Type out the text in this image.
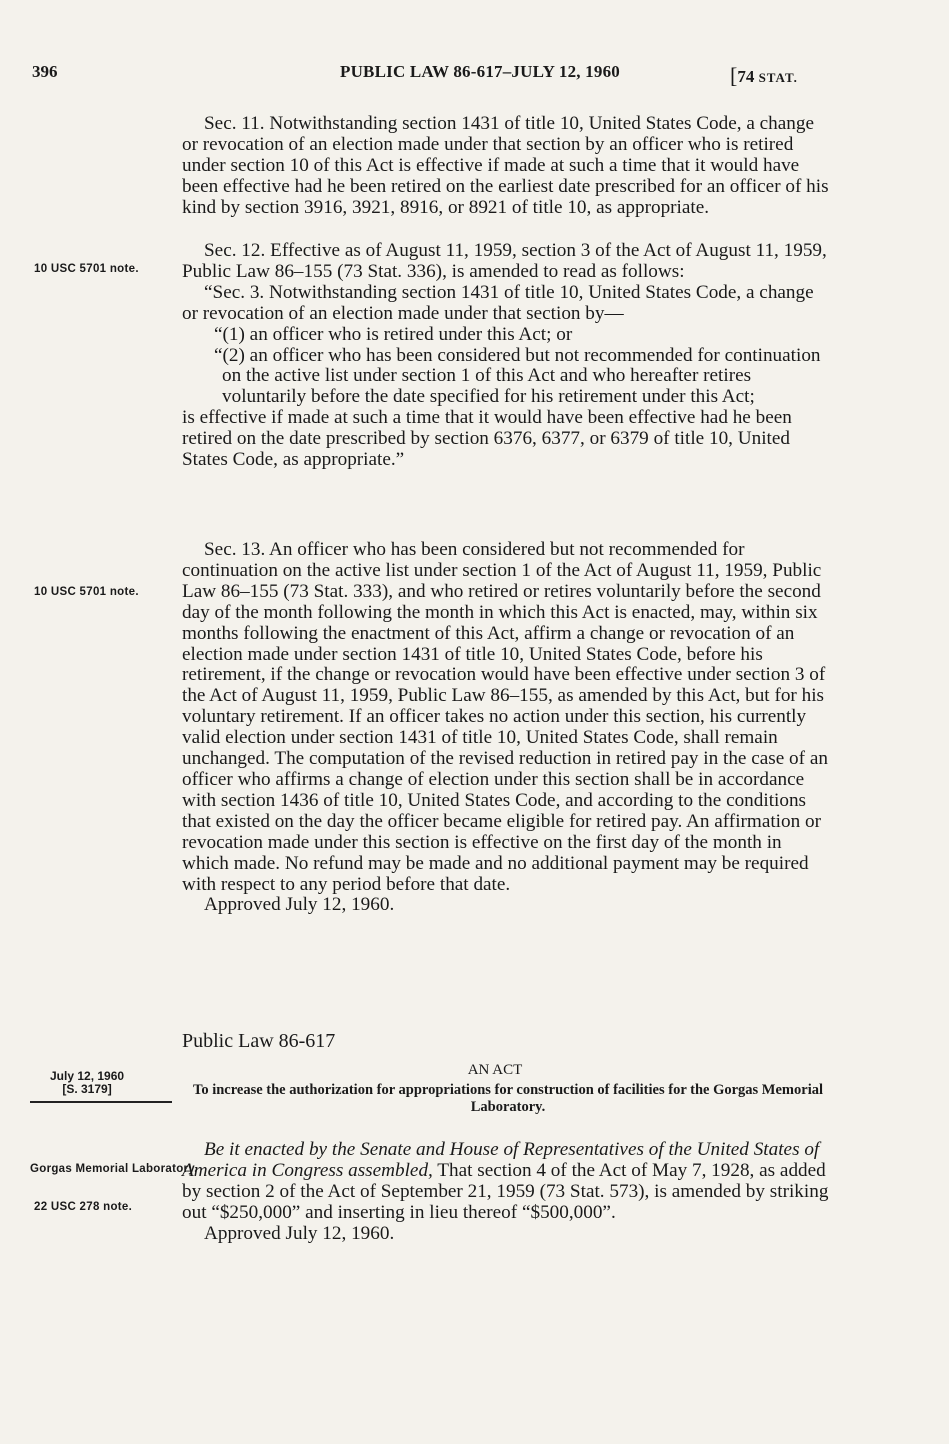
396	PUBLIC LAW 86-617–JULY 12, 1960	[74 STAT.

Sec. 11. Notwithstanding section 1431 of title 10, United States Code, a change or revocation of an election made under that section by an officer who is retired under section 10 of this Act is effective if made at such a time that it would have been effective had he been retired on the earliest date prescribed for an officer of his kind by section 3916, 3921, 8916, or 8921 of title 10, as appropriate.

10 USC 5701 note.

Sec. 12. Effective as of August 11, 1959, section 3 of the Act of August 11, 1959, Public Law 86–155 (73 Stat. 336), is amended to read as follows:

“Sec. 3. Notwithstanding section 1431 of title 10, United States Code, a change or revocation of an election made under that section by—

“(1) an officer who is retired under this Act; or

“(2) an officer who has been considered but not recommended for continuation on the active list under section 1 of this Act and who hereafter retires voluntarily before the date specified for his retirement under this Act;

is effective if made at such a time that it would have been effective had he been retired on the date prescribed by section 6376, 6377, or 6379 of title 10, United States Code, as appropriate.”

10 USC 5701 note.

Sec. 13. An officer who has been considered but not recommended for continuation on the active list under section 1 of the Act of August 11, 1959, Public Law 86–155 (73 Stat. 333), and who retired or retires voluntarily before the second day of the month following the month in which this Act is enacted, may, within six months following the enactment of this Act, affirm a change or revocation of an election made under section 1431 of title 10, United States Code, before his retirement, if the change or revocation would have been effective under section 3 of the Act of August 11, 1959, Public Law 86–155, as amended by this Act, but for his voluntary retirement. If an officer takes no action under this section, his currently valid election under section 1431 of title 10, United States Code, shall remain unchanged. The computation of the revised reduction in retired pay in the case of an officer who affirms a change of election under this section shall be in accordance with section 1436 of title 10, United States Code, and according to the conditions that existed on the day the officer became eligible for retired pay. An affirmation or revocation made under this section is effective on the first day of the month in which made. No refund may be made and no additional payment may be required with respect to any period before that date.

Approved July 12, 1960.

Public Law 86-617
July 12, 1960
[S. 3179]
AN ACT
To increase the authorization for appropriations for construction of facilities for the Gorgas Memorial Laboratory.
Gorgas Memorial Laboratory.
22 USC 278 note.

Be it enacted by the Senate and House of Representatives of the United States of America in Congress assembled, That section 4 of the Act of May 7, 1928, as added by section 2 of the Act of September 21, 1959 (73 Stat. 573), is amended by striking out “$250,000” and inserting in lieu thereof “$500,000”.

Approved July 12, 1960.
